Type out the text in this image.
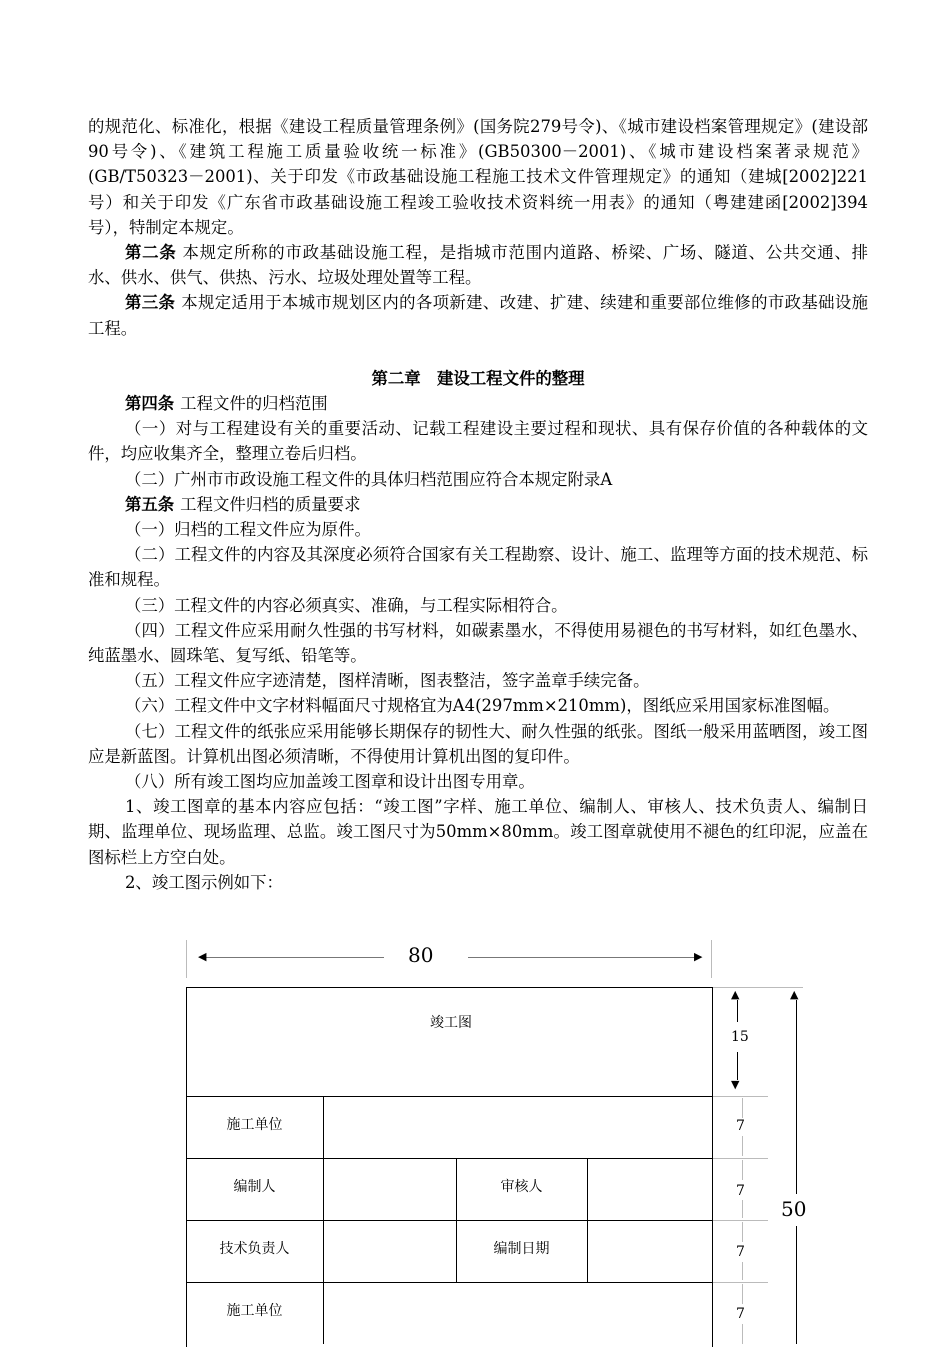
的规范化、标准化，根据《建设工程质量管理条例》(国务院279号令)、《城市建设档案管理规定》(建设部90号令)、《建筑工程施工质量验收统一标准》(GB50300－2001)、《城市建设档案著录规范》(GB/T50323－2001)、关于印发《市政基础设施工程施工技术文件管理规定》的通知（建城[2002]221号）和关于印发《广东省市政基础设施工程竣工验收技术资料统一用表》的通知（粤建建函[2002]394号），特制定本规定。

第二条 本规定所称的市政基础设施工程，是指城市范围内道路、桥梁、广场、隧道、公共交通、排水、供水、供气、供热、污水、垃圾处理处置等工程。

第三条 本规定适用于本城市规划区内的各项新建、改建、扩建、续建和重要部位维修的市政基础设施工程。

第二章　建设工程文件的整理

第四条 工程文件的归档范围

（一）对与工程建设有关的重要活动、记载工程建设主要过程和现状、具有保存价值的各种载体的文件，均应收集齐全，整理立卷后归档。

（二）广州市市政设施工程文件的具体归档范围应符合本规定附录A

第五条 工程文件归档的质量要求

（一）归档的工程文件应为原件。

（二）工程文件的内容及其深度必须符合国家有关工程勘察、设计、施工、监理等方面的技术规范、标准和规程。

（三）工程文件的内容必须真实、准确，与工程实际相符合。

（四）工程文件应采用耐久性强的书写材料，如碳素墨水，不得使用易褪色的书写材料，如红色墨水、纯蓝墨水、圆珠笔、复写纸、铅笔等。

（五）工程文件应字迹清楚，图样清晰，图表整洁，签字盖章手续完备。

（六）工程文件中文字材料幅面尺寸规格宜为A4(297mm×210mm)，图纸应采用国家标准图幅。

（七）工程文件的纸张应采用能够长期保存的韧性大、耐久性强的纸张。图纸一般采用蓝晒图，竣工图应是新蓝图。计算机出图必须清晰，不得使用计算机出图的复印件。

（八）所有竣工图均应加盖竣工图章和设计出图专用章。

1、竣工图章的基本内容应包括：“竣工图”字样、施工单位、编制人、审核人、技术负责人、编制日期、监理单位、现场监理、总监。竣工图尺寸为50mm×80mm。竣工图章就使用不褪色的红印泥，应盖在图标栏上方空白处。

2、竣工图示例如下：

◀	▶
80
竣工图
施工单位
编制人	审核人
技术负责人	编制日期
施工单位
▲
15
▼
7
7
7
7
▲
50
